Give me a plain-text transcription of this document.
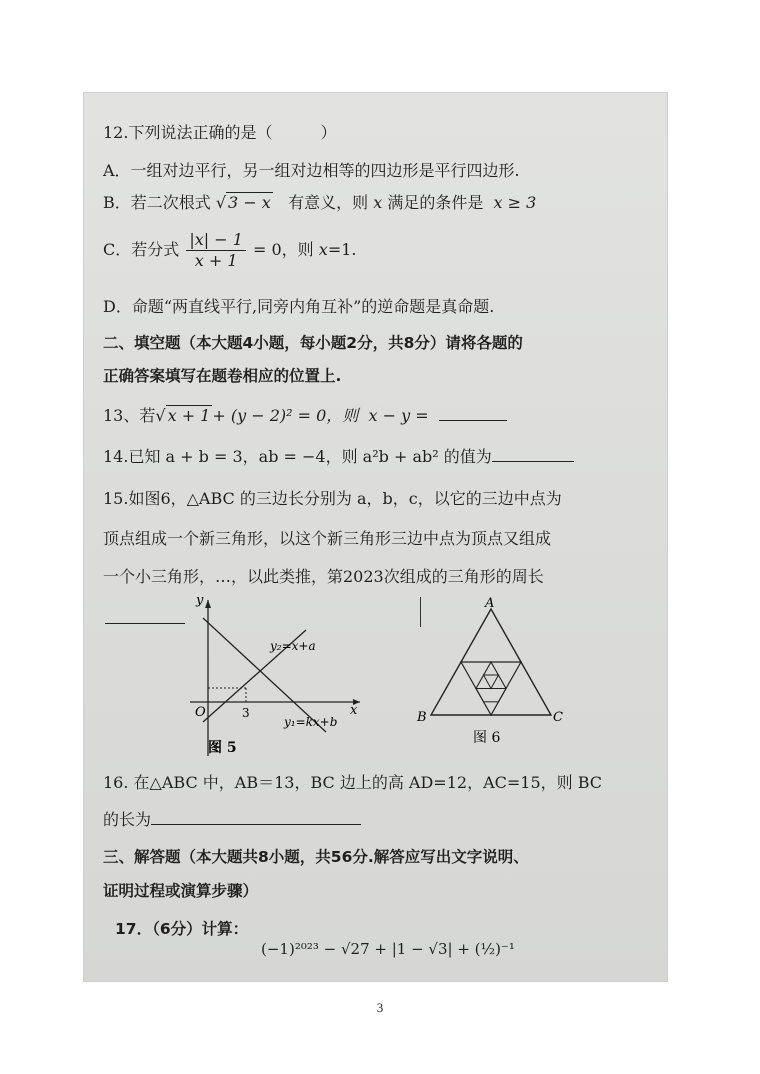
12.下列说法正确的是（　　　）
A．一组对边平行，另一组对边相等的四边形是平行四边形.
B．若二次根式 √ 3 − x 有意义，则 x 满足的条件是 x ≥ 3
C．若分式 $\frac{|x| - 1}{x + 1} = 0$，则 x=1.
D．命题“两直线平行,同旁内角互补”的逆命题是真命题.
二、填空题（本大题4小题，每小题2分，共8分）请将各题的
正确答案填写在题卷相应的位置上.
13、若√ x + 1 + (y − 2)² = 0，则 x − y =
14.已知 a + b = 3，ab = −4，则 a²b + ab² 的值为
15.如图6，△ABC 的三边长分别为 a，b，c，以它的三边中点为
顶点组成一个新三角形，以这个新三角形三边中点为顶点又组成
一个小三角形，…，以此类推，第2023次组成的三角形的周长
y
x
O	3
y₂=x+a
y₁=kx+b
图 5
A
B	C
图 6
16. 在△ABC 中，AB＝13，BC 边上的高 AD=12，AC=15，则 BC
的长为
三、解答题（本大题共8小题，共56分.解答应写出文字说明、
证明过程或演算步骤）
17．（6分）计算：
(−1)²⁰²³ − √27 + |1 − √3| + (½)⁻¹
3
